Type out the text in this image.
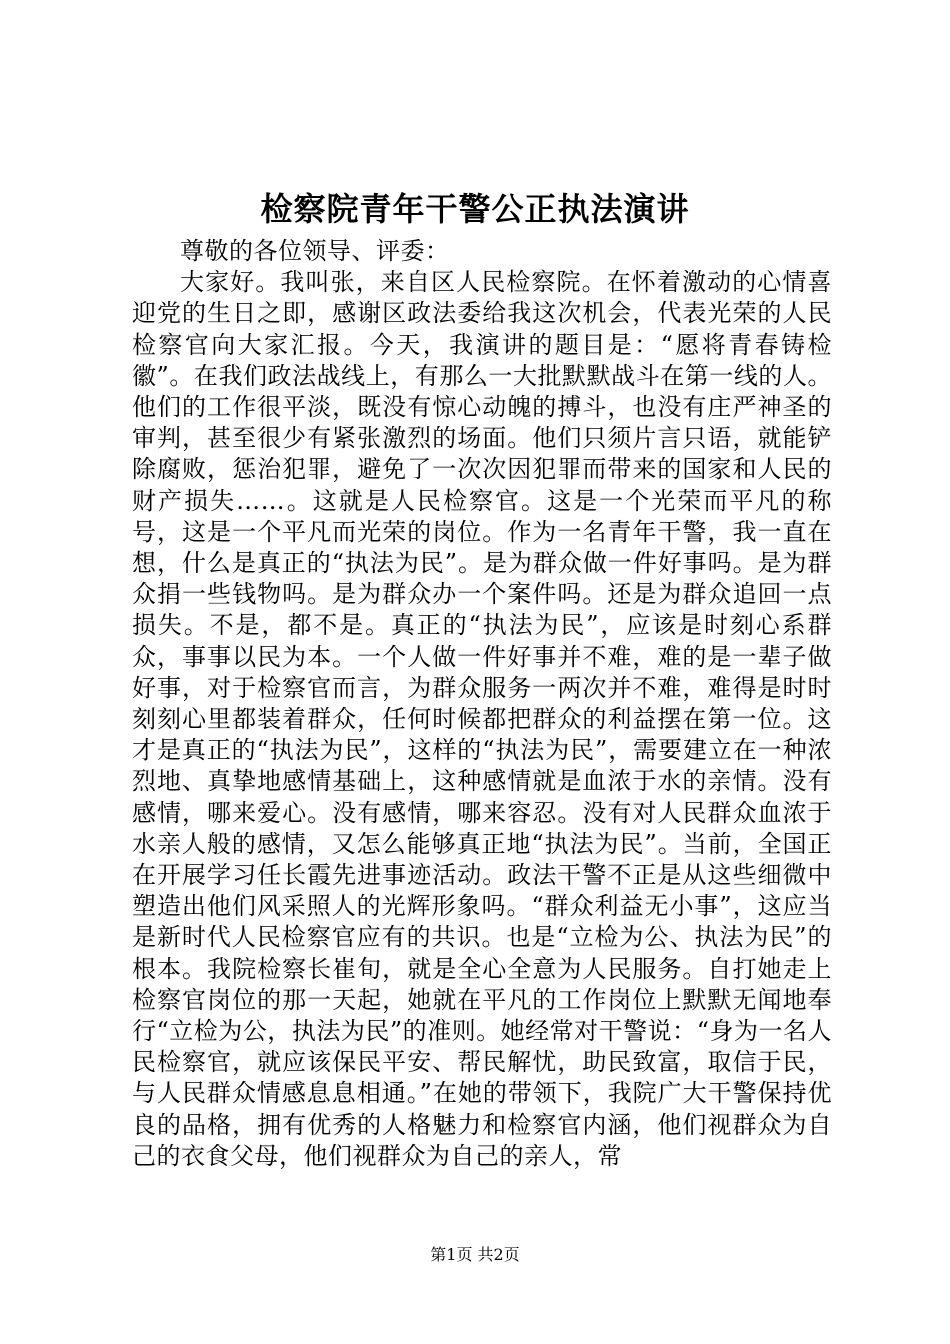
检察院青年干警公正执法演讲

尊敬的各位领导、评委：

大家好。我叫张，来自区人民检察院。在怀着激动的心情喜迎党的生日之即，感谢区政法委给我这次机会，代表光荣的人民检察官向大家汇报。今天，我演讲的题目是：“愿将青春铸检徽”。在我们政法战线上，有那么一大批默默战斗在第一线的人。他们的工作很平淡，既没有惊心动魄的搏斗，也没有庄严神圣的审判，甚至很少有紧张激烈的场面。他们只须片言只语，就能铲除腐败，惩治犯罪，避免了一次次因犯罪而带来的国家和人民的财产损失……。这就是人民检察官。这是一个光荣而平凡的称号，这是一个平凡而光荣的岗位。作为一名青年干警，我一直在想，什么是真正的“执法为民”。是为群众做一件好事吗。是为群众捐一些钱物吗。是为群众办一个案件吗。还是为群众追回一点损失。不是，都不是。真正的“执法为民”，应该是时刻心系群众，事事以民为本。一个人做一件好事并不难，难的是一辈子做好事，对于检察官而言，为群众服务一两次并不难，难得是时时刻刻心里都装着群众，任何时候都把群众的利益摆在第一位。这才是真正的“执法为民”，这样的“执法为民”，需要建立在一种浓烈地、真挚地感情基础上，这种感情就是血浓于水的亲情。没有感情，哪来爱心。没有感情，哪来容忍。没有对人民群众血浓于水亲人般的感情，又怎么能够真正地“执法为民”。当前，全国正在开展学习任长霞先进事迹活动。政法干警不正是从这些细微中塑造出他们风采照人的光辉形象吗。“群众利益无小事”，这应当是新时代人民检察官应有的共识。也是“立检为公、执法为民”的根本。我院检察长崔旬，就是全心全意为人民服务。自打她走上检察官岗位的那一天起，她就在平凡的工作岗位上默默无闻地奉行“立检为公，执法为民”的准则。她经常对干警说：“身为一名人民检察官，就应该保民平安、帮民解忧，助民致富，取信于民，与人民群众情感息息相通。”在她的带领下，我院广大干警保持优良的品格，拥有优秀的人格魅力和检察官内涵，他们视群众为自己的衣食父母，他们视群众为自己的亲人，常

第1页 共2页
